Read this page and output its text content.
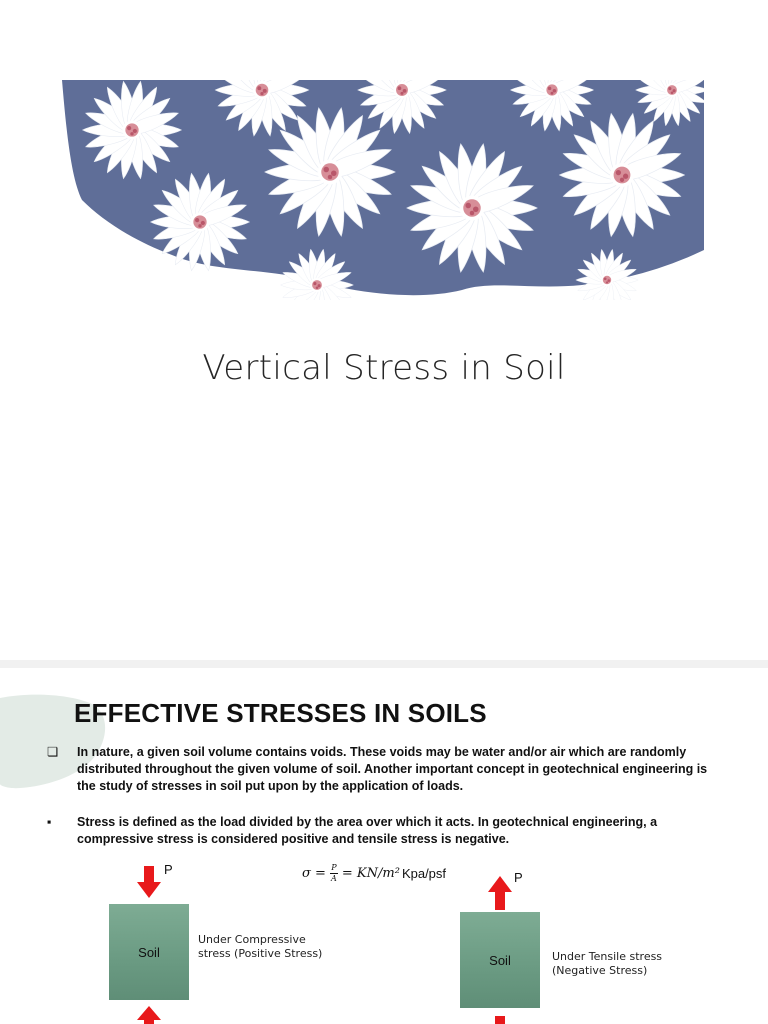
Vertical Stress in Soil
EFFECTIVE STRESSES IN SOILS
❏ In nature, a given soil volume contains voids. These voids may be water and/or air which are randomly distributed throughout the given volume of soil. Another important concept in geotechnical engineering is the study of stresses in soil put upon by the application of loads.
▪ Stress is defined as the load divided by the area over which it acts. In geotechnical engineering, a compressive stress is considered positive and tensile stress is negative.
$\sigma = \frac{P}{A} = KN/m^2$ Kpa/psf
P
Soil
Under Compressive
stress (Positive Stress)
P
Soil	Under Tensile stress
(Negative Stress)
